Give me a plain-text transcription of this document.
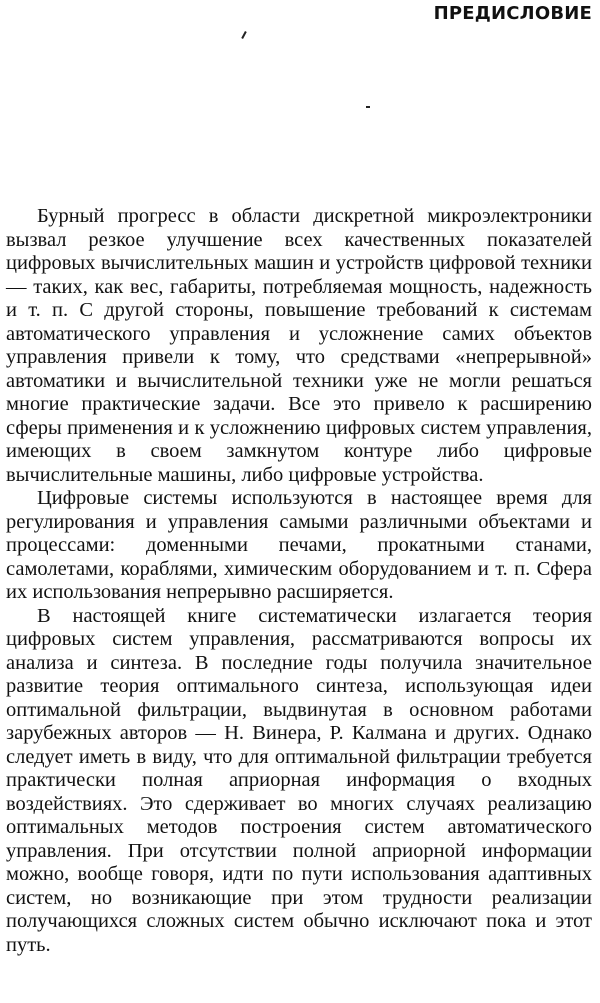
ПРЕДИСЛОВИЕ

Бурный прогресс в области дискретной микроэлектроники вызвал резкое улучшение всех качественных показателей цифровых вычислительных машин и устройств цифровой техники — таких, как вес, габариты, потребляемая мощность, надежность и т. п. С другой стороны, повышение требований к системам автоматического управления и усложнение самих объектов управления привели к тому, что средствами «непрерывной» автоматики и вычислительной техники уже не могли решаться многие практические задачи. Все это привело к расширению сферы применения и к усложнению цифровых систем управления, имеющих в своем замкнутом контуре либо цифровые вычислительные машины, либо цифровые устройства.

Цифровые системы используются в настоящее время для регулирования и управления самыми различными объектами и процессами: доменными печами, прокатными станами, самолетами, кораблями, химическим оборудованием и т. п. Сфера их использования непрерывно расширяется.

В настоящей книге систематически излагается теория цифровых систем управления, рассматриваются вопросы их анализа и синтеза. В последние годы получила значительное развитие теория оптимального синтеза, использующая идеи оптимальной фильтрации, выдвинутая в основном работами зарубежных авторов — Н. Винера, Р. Калмана и других. Однако следует иметь в виду, что для оптимальной фильтрации требуется практически полная априорная информация о входных воздействиях. Это сдерживает во многих случаях реализацию оптимальных методов построения систем автоматического управления. При отсутствии полной априорной информации можно, вообще говоря, идти по пути использования адаптивных систем, но возникающие при этом трудности реализации получающихся сложных систем обычно исключают пока и этот путь.
